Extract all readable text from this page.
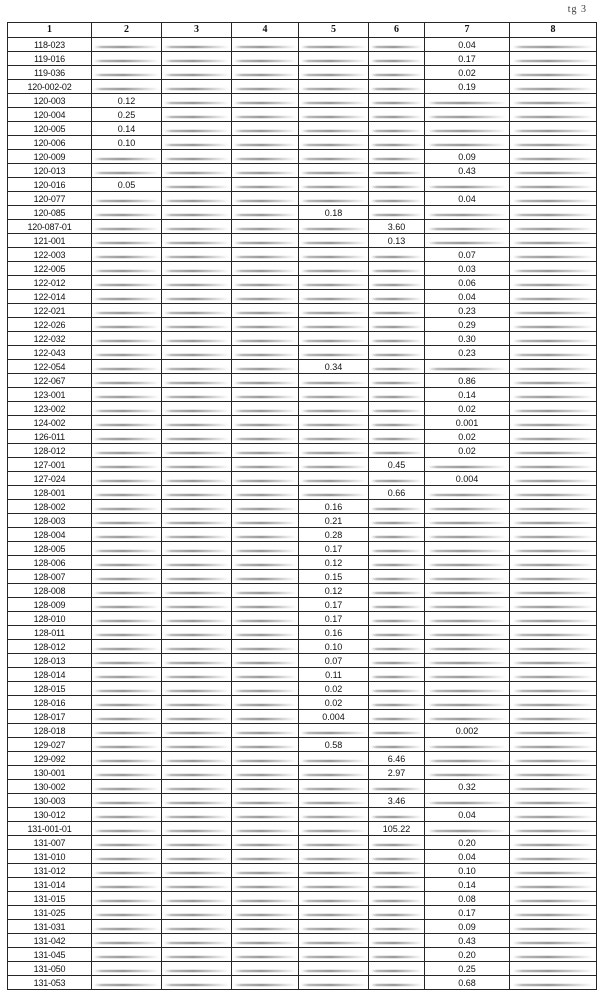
tg 3
1	2	3	4	5	6	7	8
118-023						0.04	
119-016						0.17	
119-036						0.02	
120-002-02						0.19	
120-003	0.12						
120-004	0.25						
120-005	0.14						
120-006	0.10						
120-009						0.09	
120-013						0.43	
120-016	0.05						
120-077						0.04	
120-085				0.18			
120-087-01					3.60		
121-001					0.13		
122-003						0.07	
122-005						0.03	
122-012						0.06	
122-014						0.04	
122-021						0.23	
122-026						0.29	
122-032						0.30	
122-043						0.23	
122-054				0.34			
122-067						0.86	
123-001						0.14	
123-002						0.02	
124-002						0.001	
126-011						0.02	
128-012						0.02	
127-001					0.45		
127-024						0.004	
128-001					0.66		
128-002				0.16			
128-003				0.21			
128-004				0.28			
128-005				0.17			
128-006				0.12			
128-007				0.15			
128-008				0.12			
128-009				0.17			
128-010				0.17			
128-011				0.16			
128-012				0.10			
128-013				0.07			
128-014				0.11			
128-015				0.02			
128-016				0.02			
128-017				0.004			
128-018						0.002	
129-027				0.58			
129-092					6.46		
130-001					2.97		
130-002						0.32	
130-003					3.46		
130-012						0.04	
131-001-01					105.22		
131-007						0.20	
131-010						0.04	
131-012						0.10	
131-014						0.14	
131-015						0.08	
131-025						0.17	
131-031						0.09	
131-042						0.43	
131-045						0.20	
131-050						0.25	
131-053						0.68	
